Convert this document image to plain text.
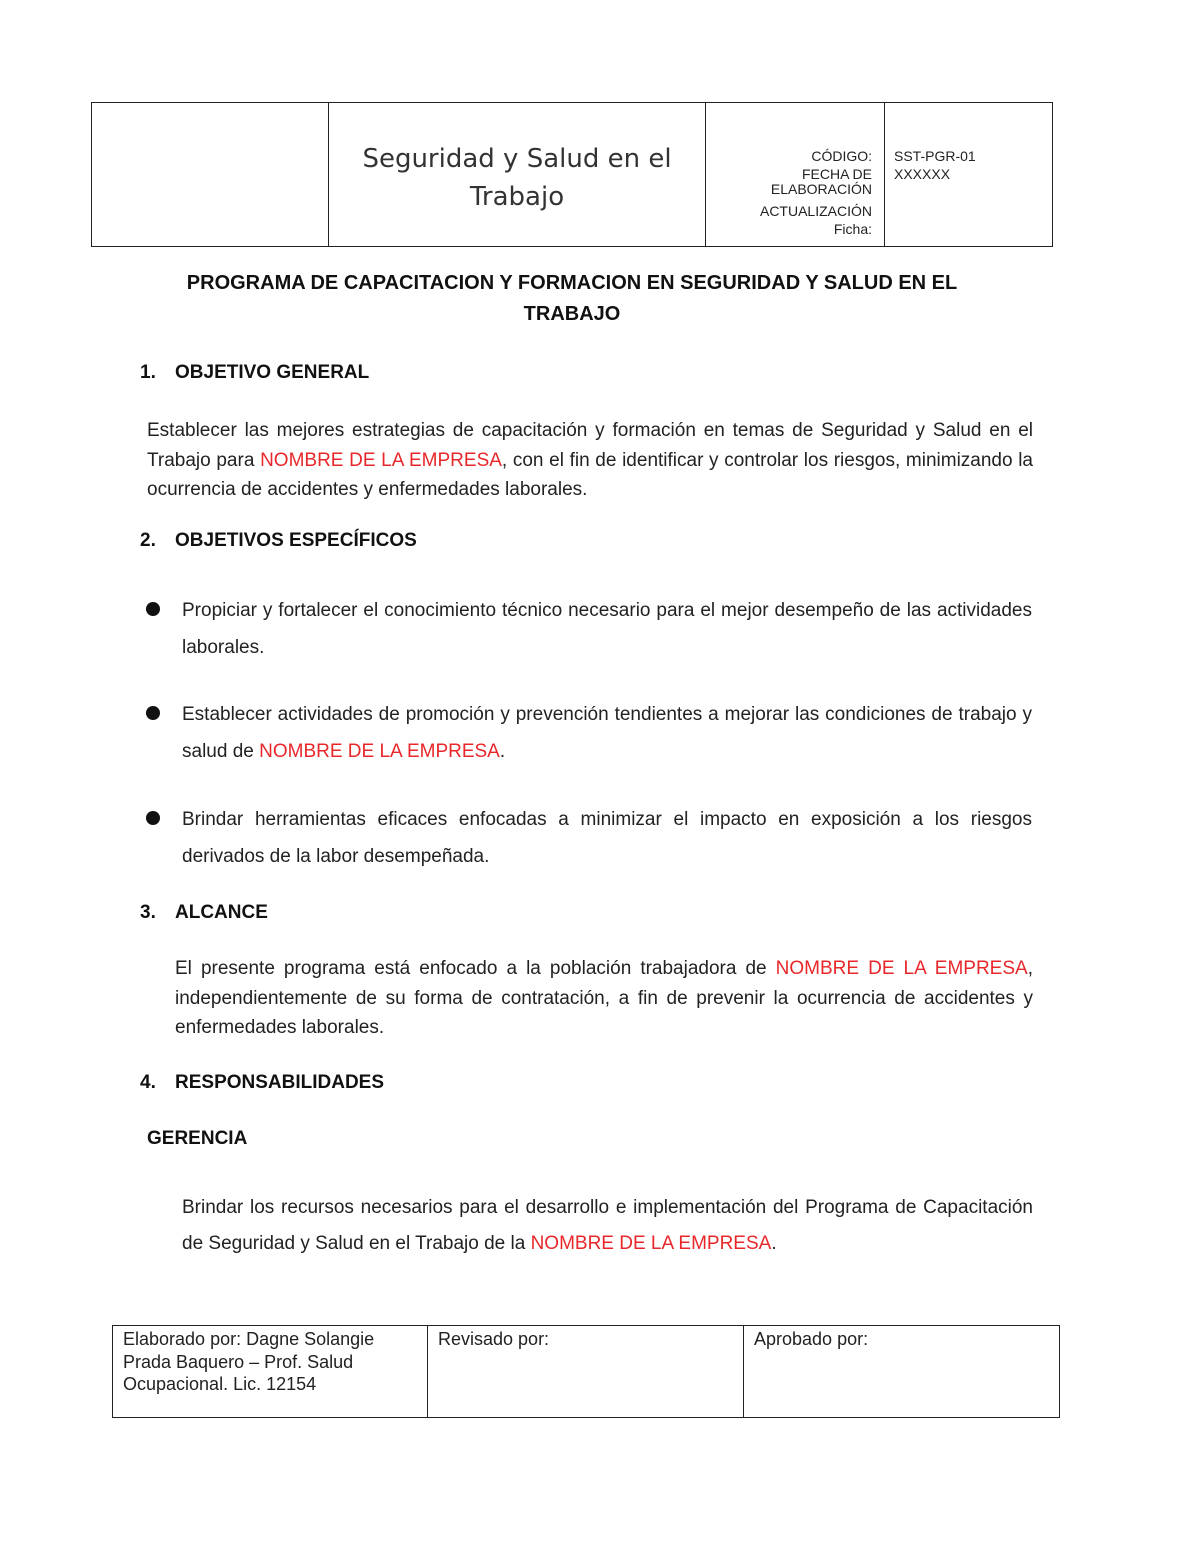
Seguridad y Salud en el
Trabajo
CÓDIGO:
FECHA DE
ELABORACIÓN
ACTUALIZACIÓN
Ficha:
SST-PGR-01
XXXXXX
PROGRAMA DE CAPACITACION Y FORMACION EN SEGURIDAD Y SALUD EN EL
TRABAJO
1. OBJETIVO GENERAL
Establecer las mejores estrategias de capacitación y formación en temas de Seguridad y Salud en el Trabajo para NOMBRE DE LA EMPRESA, con el fin de identificar y controlar los riesgos, minimizando la ocurrencia de accidentes y enfermedades laborales.
2. OBJETIVOS ESPECÍFICOS
Propiciar y fortalecer el conocimiento técnico necesario para el mejor desempeño de las actividades laborales.
Establecer actividades de promoción y prevención tendientes a mejorar las condiciones de trabajo y salud de NOMBRE DE LA EMPRESA.
Brindar herramientas eficaces enfocadas a minimizar el impacto en exposición a los riesgos derivados de la labor desempeñada.
3. ALCANCE
El presente programa está enfocado a la población trabajadora de NOMBRE DE LA EMPRESA, independientemente de su forma de contratación, a fin de prevenir la ocurrencia de accidentes y enfermedades laborales.
4. RESPONSABILIDADES
GERENCIA
Brindar los recursos necesarios para el desarrollo e implementación del Programa de Capacitación de Seguridad y Salud en el Trabajo de la NOMBRE DE LA EMPRESA.
Elaborado por: Dagne Solangie
Prada Baquero – Prof. Salud
Ocupacional. Lic. 12154
Revisado por:	Aprobado por:
